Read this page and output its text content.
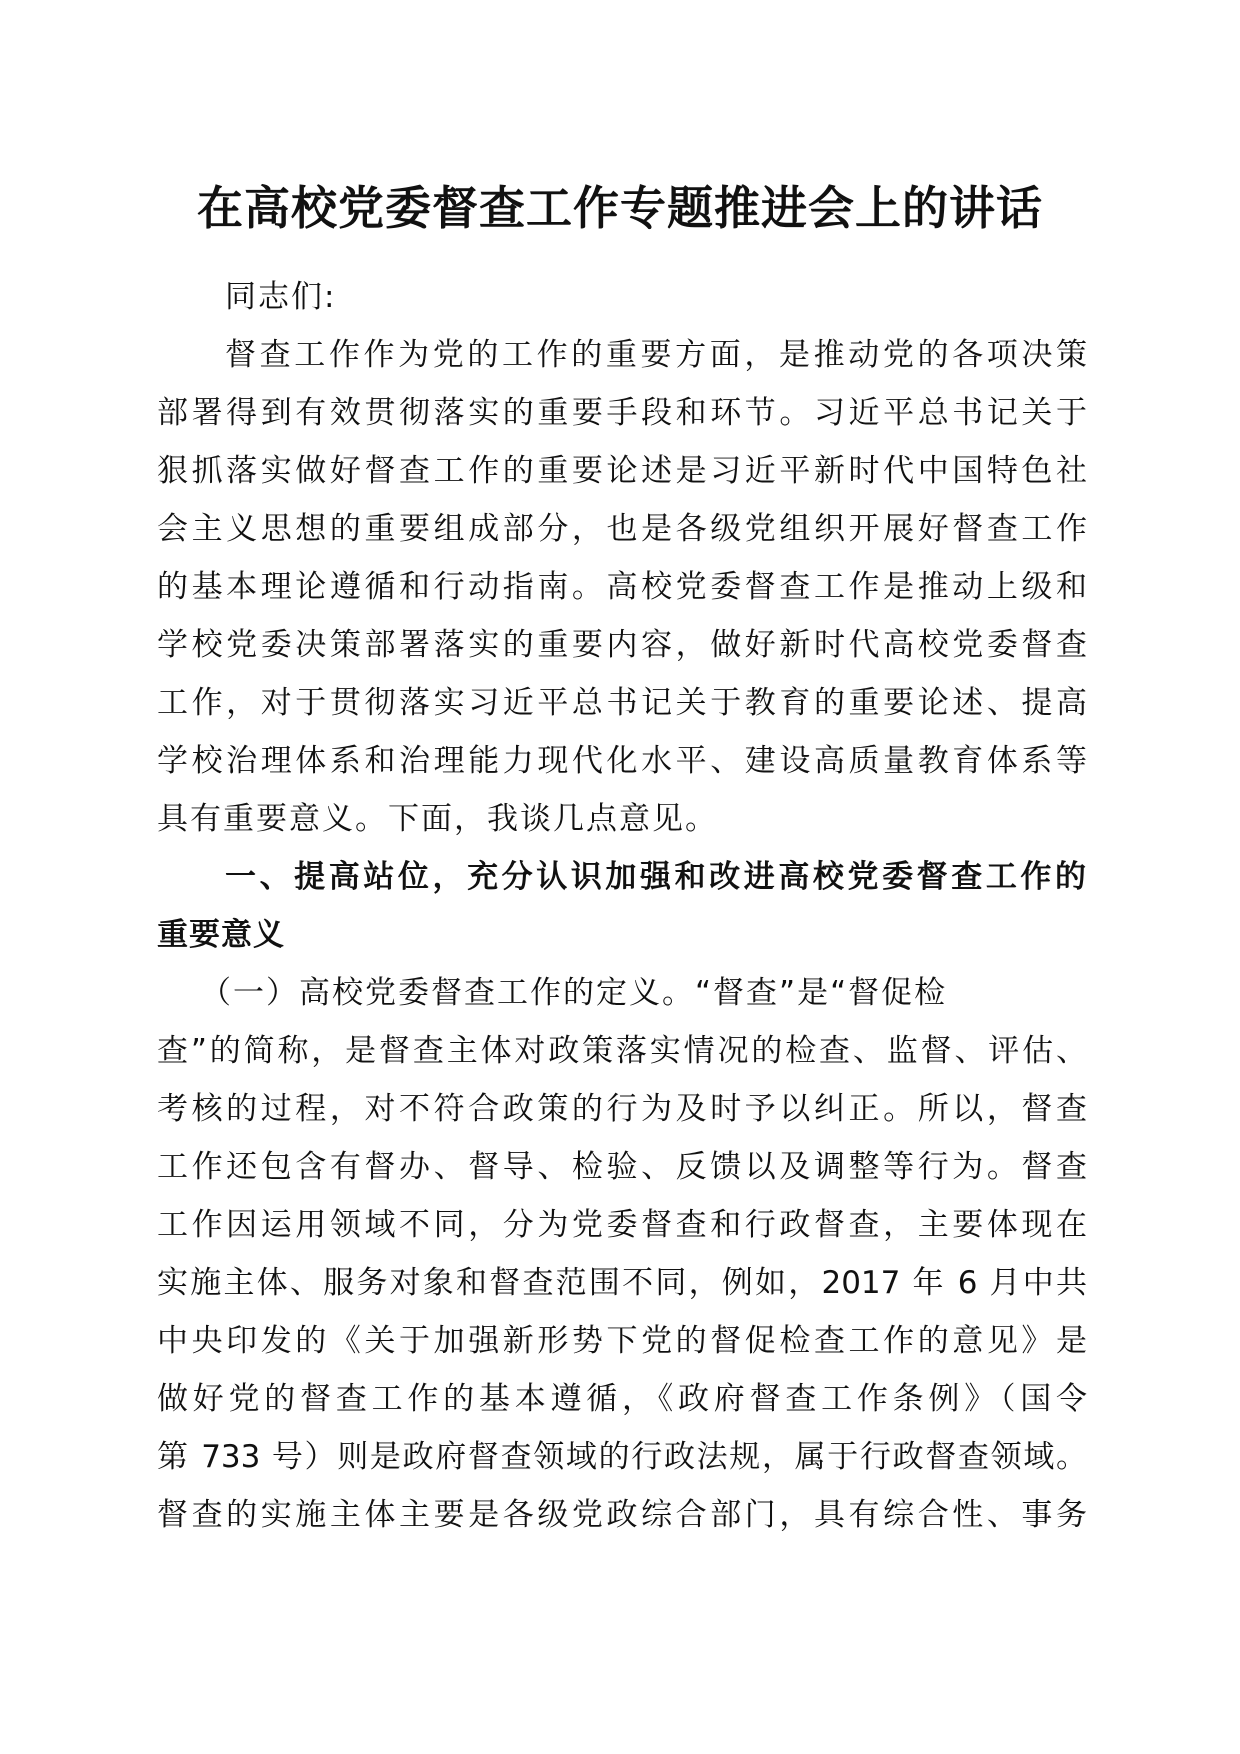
在高校党委督查工作专题推进会上的讲话
同志们:
督查工作作为党的工作的重要方面，是推动党的各项决策
部署得到有效贯彻落实的重要手段和环节。习近平总书记关于
狠抓落实做好督查工作的重要论述是习近平新时代中国特色社
会主义思想的重要组成部分，也是各级党组织开展好督查工作
的基本理论遵循和行动指南。高校党委督查工作是推动上级和
学校党委决策部署落实的重要内容，做好新时代高校党委督查
工作，对于贯彻落实习近平总书记关于教育的重要论述、提高
学校治理体系和治理能力现代化水平、建设高质量教育体系等
具有重要意义。下面，我谈几点意见。
一、提高站位，充分认识加强和改进高校党委督查工作的
重要意义
（一）高校党委督查工作的定义。“督查”是“督促检
查”的简称，是督查主体对政策落实情况的检查、监督、评估、
考核的过程，对不符合政策的行为及时予以纠正。所以，督查
工作还包含有督办、督导、检验、反馈以及调整等行为。督查
工作因运用领域不同，分为党委督查和行政督查，主要体现在
实施主体、服务对象和督查范围不同，例如，2017 年 6 月中共
中央印发的《关于加强新形势下党的督促检查工作的意见》是
做好党的督查工作的基本遵循，《政府督查工作条例》（国令
第 733 号）则是政府督查领域的行政法规，属于行政督查领域。
督查的实施主体主要是各级党政综合部门，具有综合性、事务
